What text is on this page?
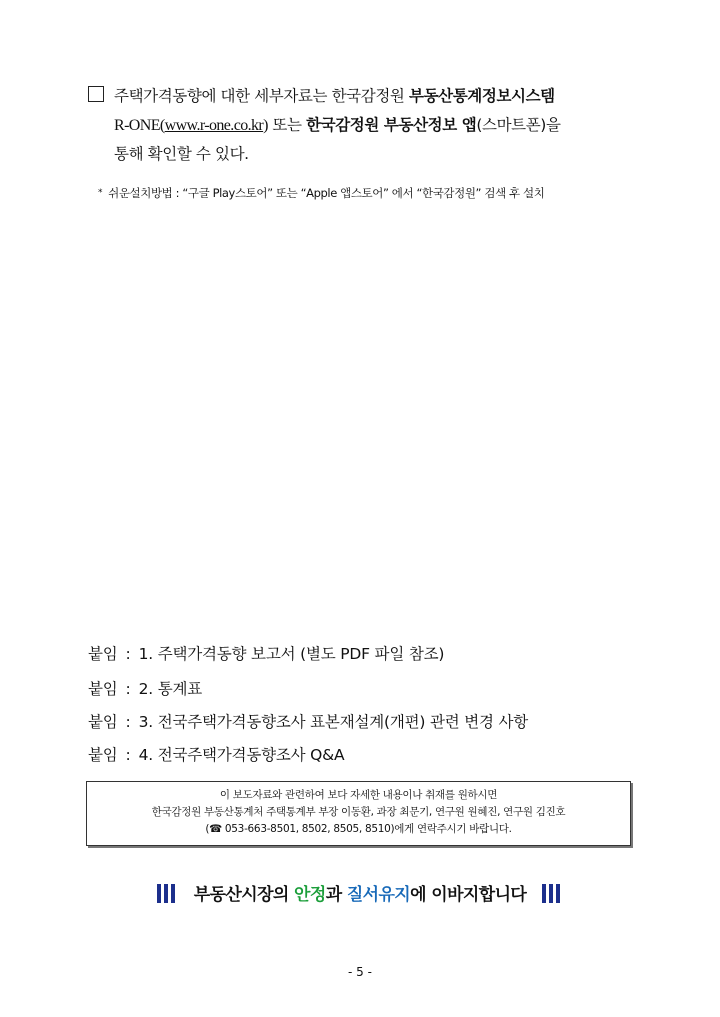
주택가격동향에 대한 세부자료는 한국감정원 부동산통계정보시스템
R-ONE(www.r-one.co.kr) 또는 한국감정원 부동산정보 앱(스마트폰)을
통해 확인할 수 있다.
* 쉬운설치방법 : “구글 Play스토어” 또는 “Apple 앱스토어” 에서 “한국감정원” 검색 후 설치
붙임 : 1. 주택가격동향 보고서 (별도 PDF 파일 참조)
붙임 : 2. 통계표
붙임 : 3. 전국주택가격동향조사 표본재설계(개편) 관련 변경 사항
붙임 : 4. 전국주택가격동향조사 Q&A
이 보도자료와 관련하여 보다 자세한 내용이나 취재를 원하시면
한국감정원 부동산통계처 주택통계부 부장 이동환, 과장 최문기, 연구원 원혜진, 연구원 김진호
(☎ 053-663-8501, 8502, 8505, 8510)에게 연락주시기 바랍니다.
부동산시장의 안정과 질서유지에 이바지합니다
- 5 -
